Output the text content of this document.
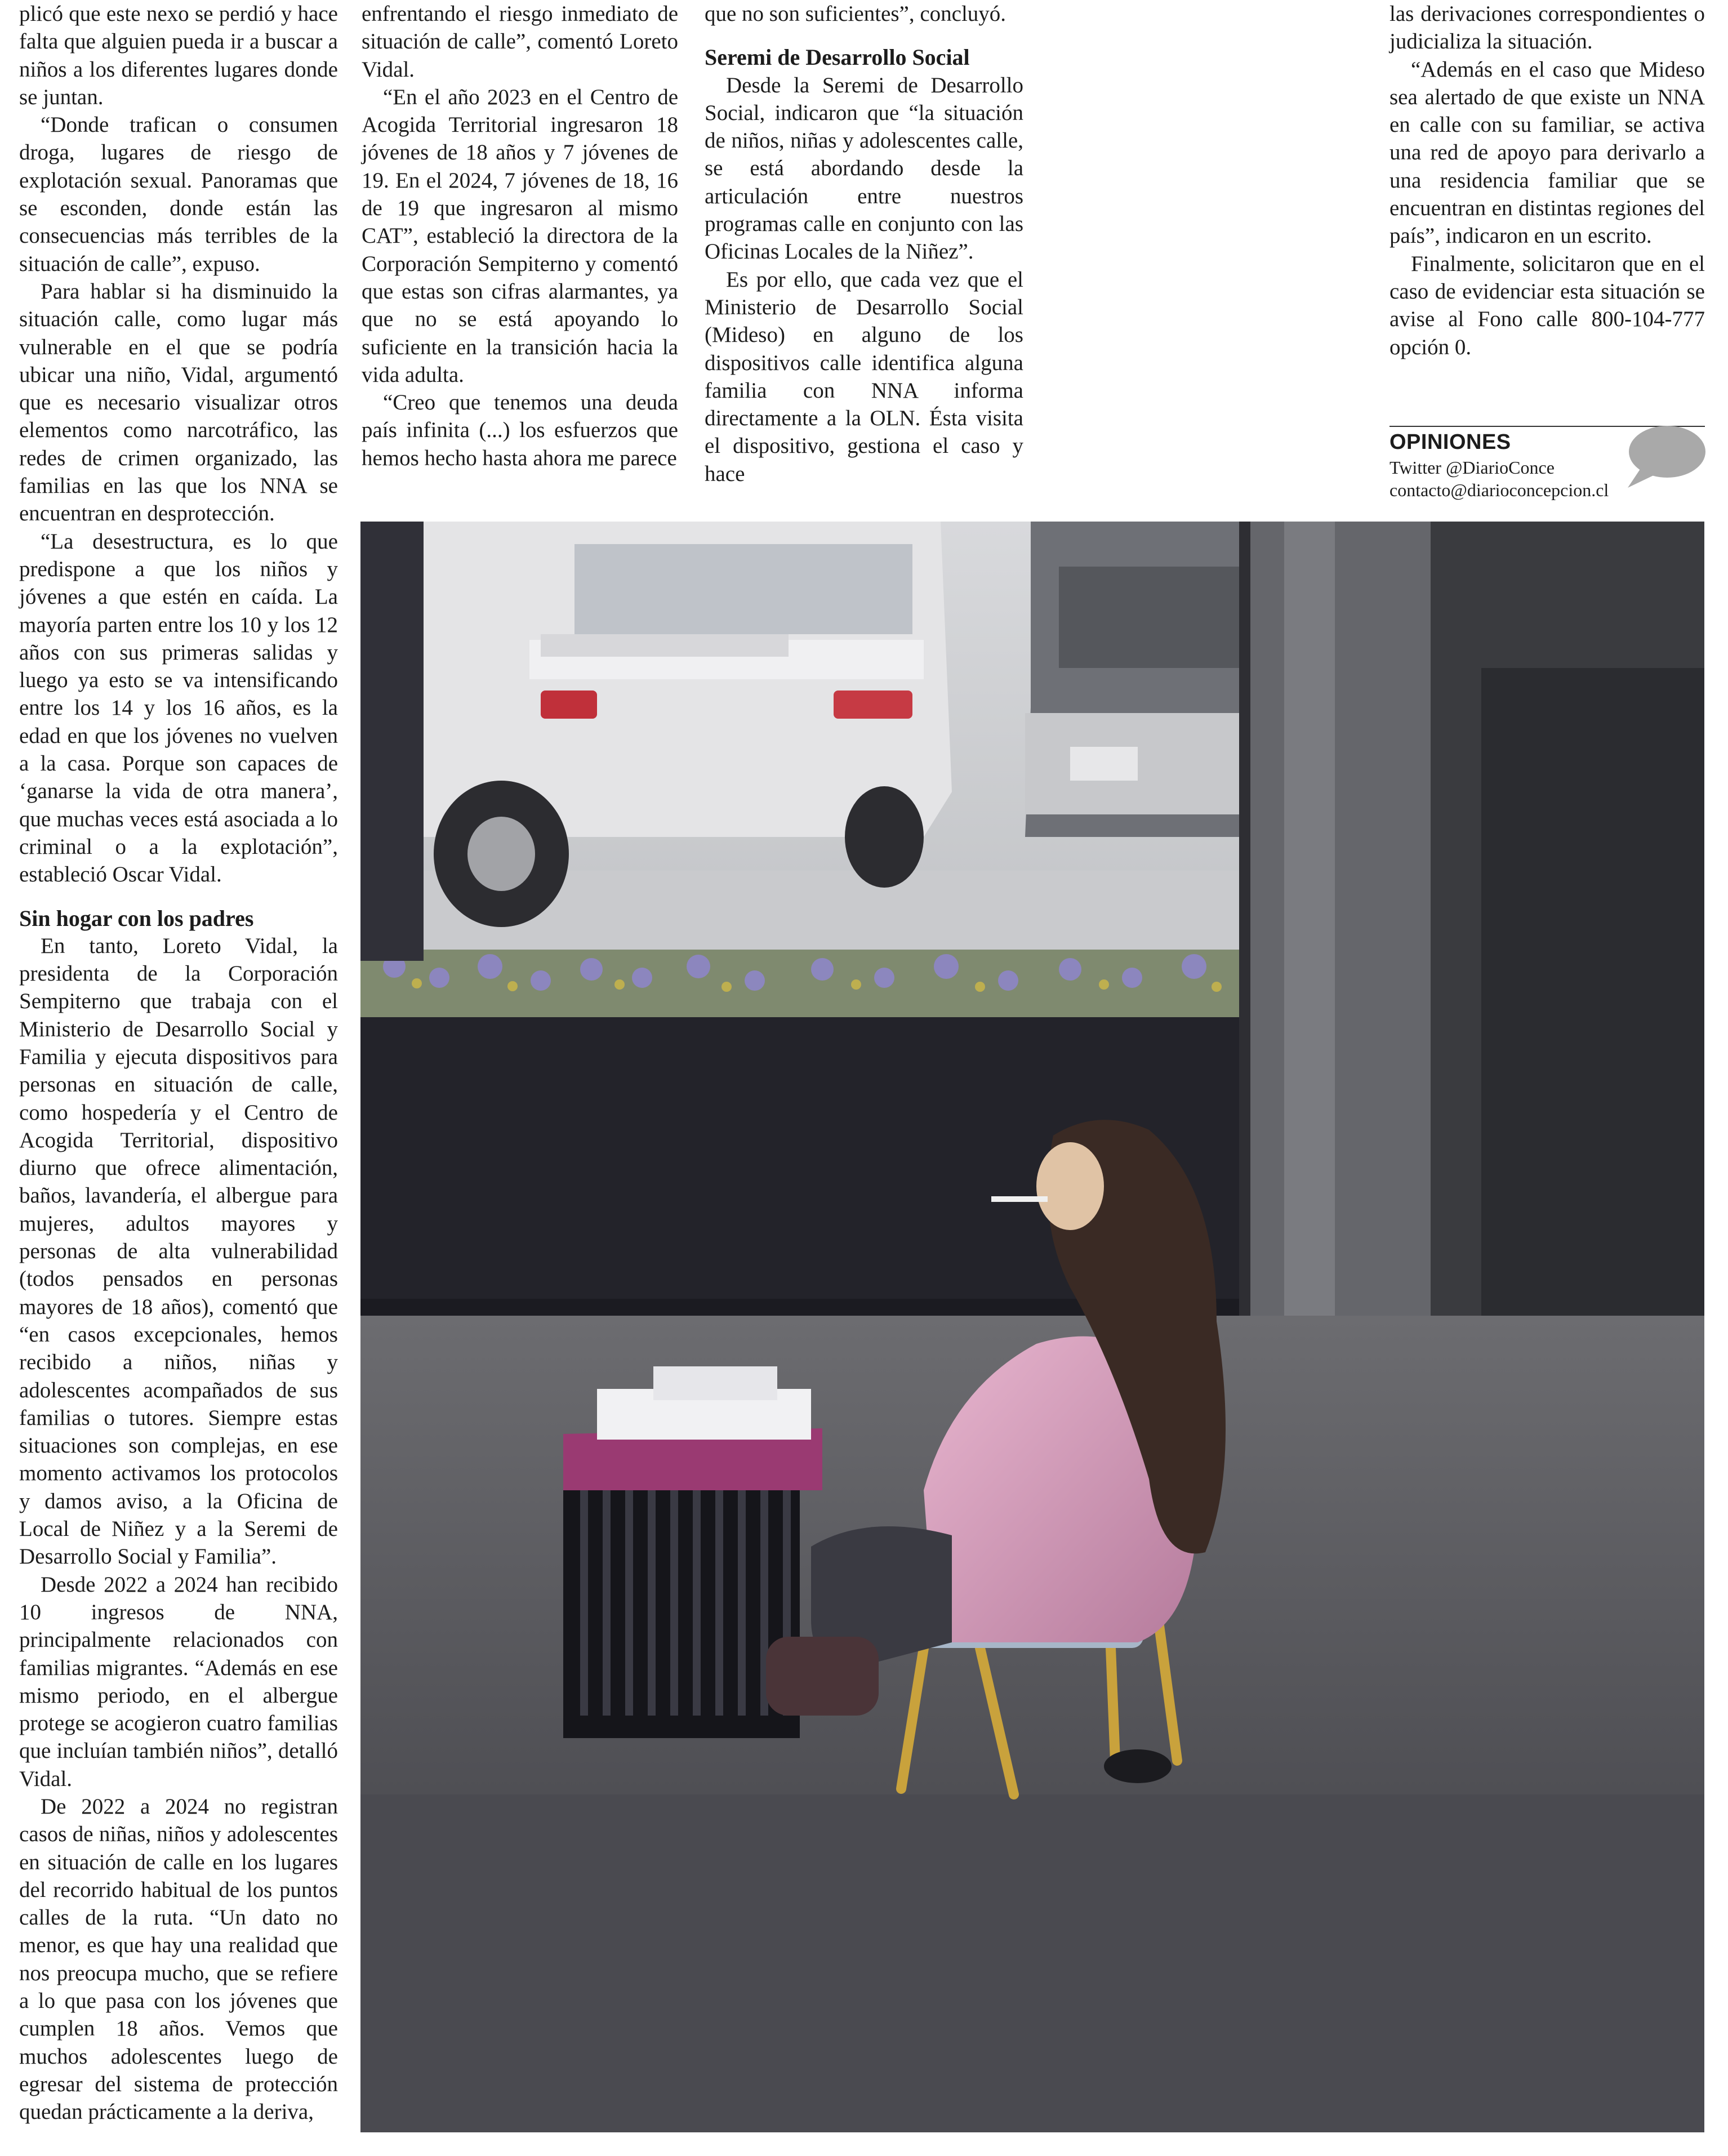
plicó que este nexo se perdió y hace falta que alguien pueda ir a buscar a niños a los diferentes lugares donde se juntan.

“Donde trafican o consumen droga, lugares de riesgo de explotación sexual. Panoramas que se esconden, donde están las consecuencias más terribles de la situación de calle”, expuso.

Para hablar si ha disminuido la situación calle, como lugar más vulnerable en el que se podría ubicar una niño, Vidal, argumentó que es necesario visualizar otros elementos como narcotráfico, las redes de crimen organizado, las familias en las que los NNA se encuentran en desprotección.

“La desestructura, es lo que predispone a que los niños y jóvenes a que estén en caída. La mayoría parten entre los 10 y los 12 años con sus primeras salidas y luego ya esto se va intensificando entre los 14 y los 16 años, es la edad en que los jóvenes no vuelven a la casa. Porque son capaces de ‘ganarse la vida de otra manera’, que muchas veces está asociada a lo criminal o a la explotación”, estableció Oscar Vidal.

Sin hogar con los padres

En tanto, Loreto Vidal, la presidenta de la Corporación Sempiterno que trabaja con el Ministerio de Desarrollo Social y Familia y ejecuta dispositivos para personas en situación de calle, como hospedería y el Centro de Acogida Territorial, dispositivo diurno que ofrece alimentación, baños, lavandería, el albergue para mujeres, adultos mayores y personas de alta vulnerabilidad (todos pensados en personas mayores de 18 años), comentó que “en casos excepcionales, hemos recibido a niños, niñas y adolescentes acompañados de sus familias o tutores. Siempre estas situaciones son complejas, en ese momento activamos los protocolos y damos aviso, a la Oficina de Local de Niñez y a la Seremi de Desarrollo Social y Familia”.

Desde 2022 a 2024 han recibido 10 ingresos de NNA, principalmente relacionados con familias migrantes. “Además en ese mismo periodo, en el albergue protege se acogieron cuatro familias que incluían también niños”, detalló Vidal.

De 2022 a 2024 no registran casos de niñas, niños y adolescentes en situación de calle en los lugares del recorrido habitual de los puntos calles de la ruta. “Un dato no menor, es que hay una realidad que nos preocupa mucho, que se refiere a lo que pasa con los jóvenes que cumplen 18 años. Vemos que muchos adolescentes luego de egresar del sistema de protección quedan prácticamente a la deriva,

enfrentando el riesgo inmediato de situación de calle”, comentó Loreto Vidal.

“En el año 2023 en el Centro de Acogida Territorial ingresaron 18 jóvenes de 18 años y 7 jóvenes de 19. En el 2024, 7 jóvenes de 18, 16 de 19 que ingresaron al mismo CAT”, estableció la directora de la Corporación Sempiterno y comentó que estas son cifras alarmantes, ya que no se está apoyando lo suficiente en la transición hacia la vida adulta.

“Creo que tenemos una deuda país infinita (...) los esfuerzos que hemos hecho hasta ahora me parece

que no son suficientes”, concluyó.

Seremi de Desarrollo Social

Desde la Seremi de Desarrollo Social, indicaron que “la situación de niños, niñas y adolescentes calle, se está abordando desde la articulación entre nuestros programas calle en conjunto con las Oficinas Locales de la Niñez”.

Es por ello, que cada vez que el Ministerio de Desarrollo Social (Mideso) en alguno de los dispositivos calle identifica alguna familia con NNA informa directamente a la OLN. Ésta visita el dispositivo, gestiona el caso y hace

las derivaciones correspondientes o judicializa la situación.

“Además en el caso que Mideso sea alertado de que existe un NNA en calle con su familiar, se activa una red de apoyo para derivarlo a una residencia familiar que se encuentran en distintas regiones del país”, indicaron en un escrito.

Finalmente, solicitaron que en el caso de evidenciar esta situación se avise al Fono calle 800-104-777 opción 0.

OPINIONES
Twitter @DiarioConce
contacto@diarioconcepcion.cl
